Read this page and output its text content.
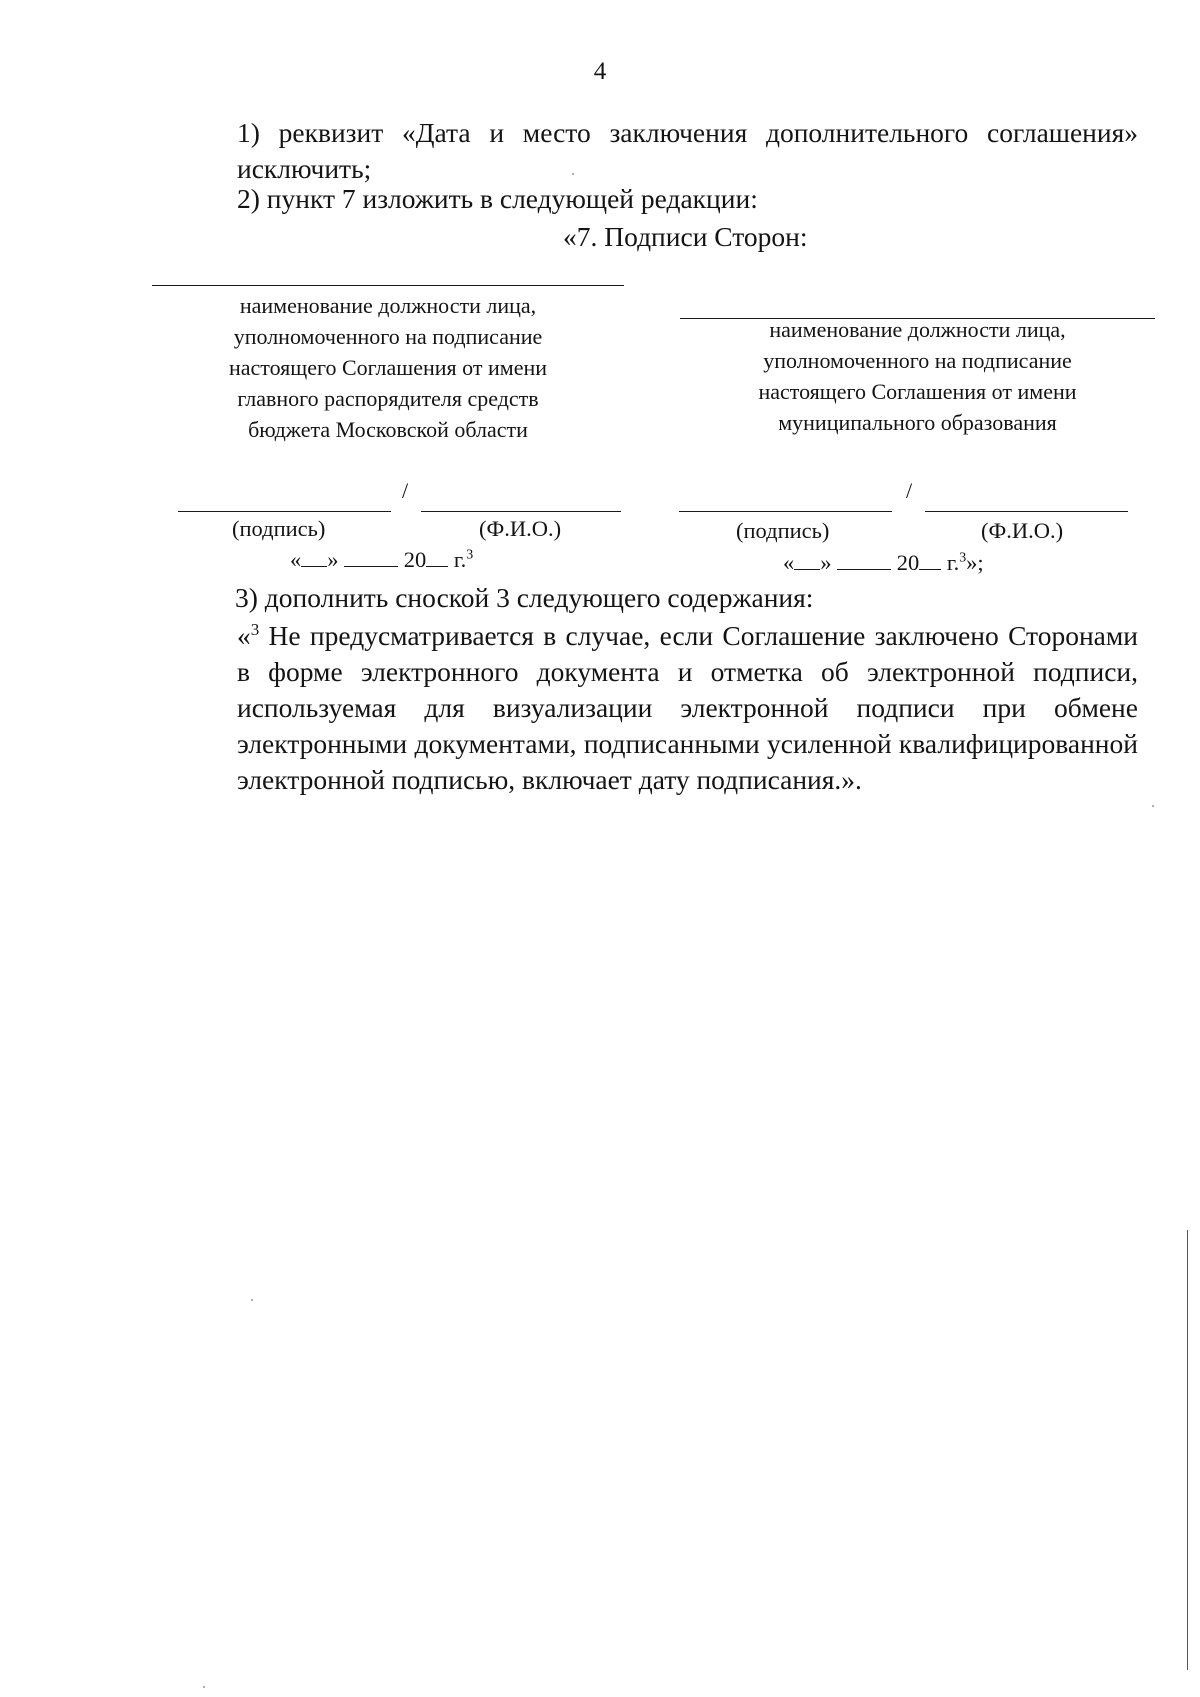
4
1) реквизит «Дата и место заключения дополнительного соглашения» исключить;
2) пункт 7 изложить в следующей редакции:
«7. Подписи Сторон:
наименование должности лица,
уполномоченного на подписание
настоящего Соглашения от имени
главного распорядителя средств
бюджета Московской области
/
(подпись)	(Ф.И.О.)
« »	20 г.$^3$
наименование должности лица,
уполномоченного на подписание
настоящего Соглашения от имени
муниципального образования
/
(подпись)	(Ф.И.О.)
« »	20 г.$^3$»;
3) дополнить сноской 3 следующего содержания:
«$^3$ Не предусматривается в случае, если Соглашение заключено Сторонами в форме электронного документа и отметка об электронной подписи, используемая для визуализации электронной подписи при обмене электронными документами, подписанными усиленной квалифицированной электронной подписью, включает дату подписания.».
